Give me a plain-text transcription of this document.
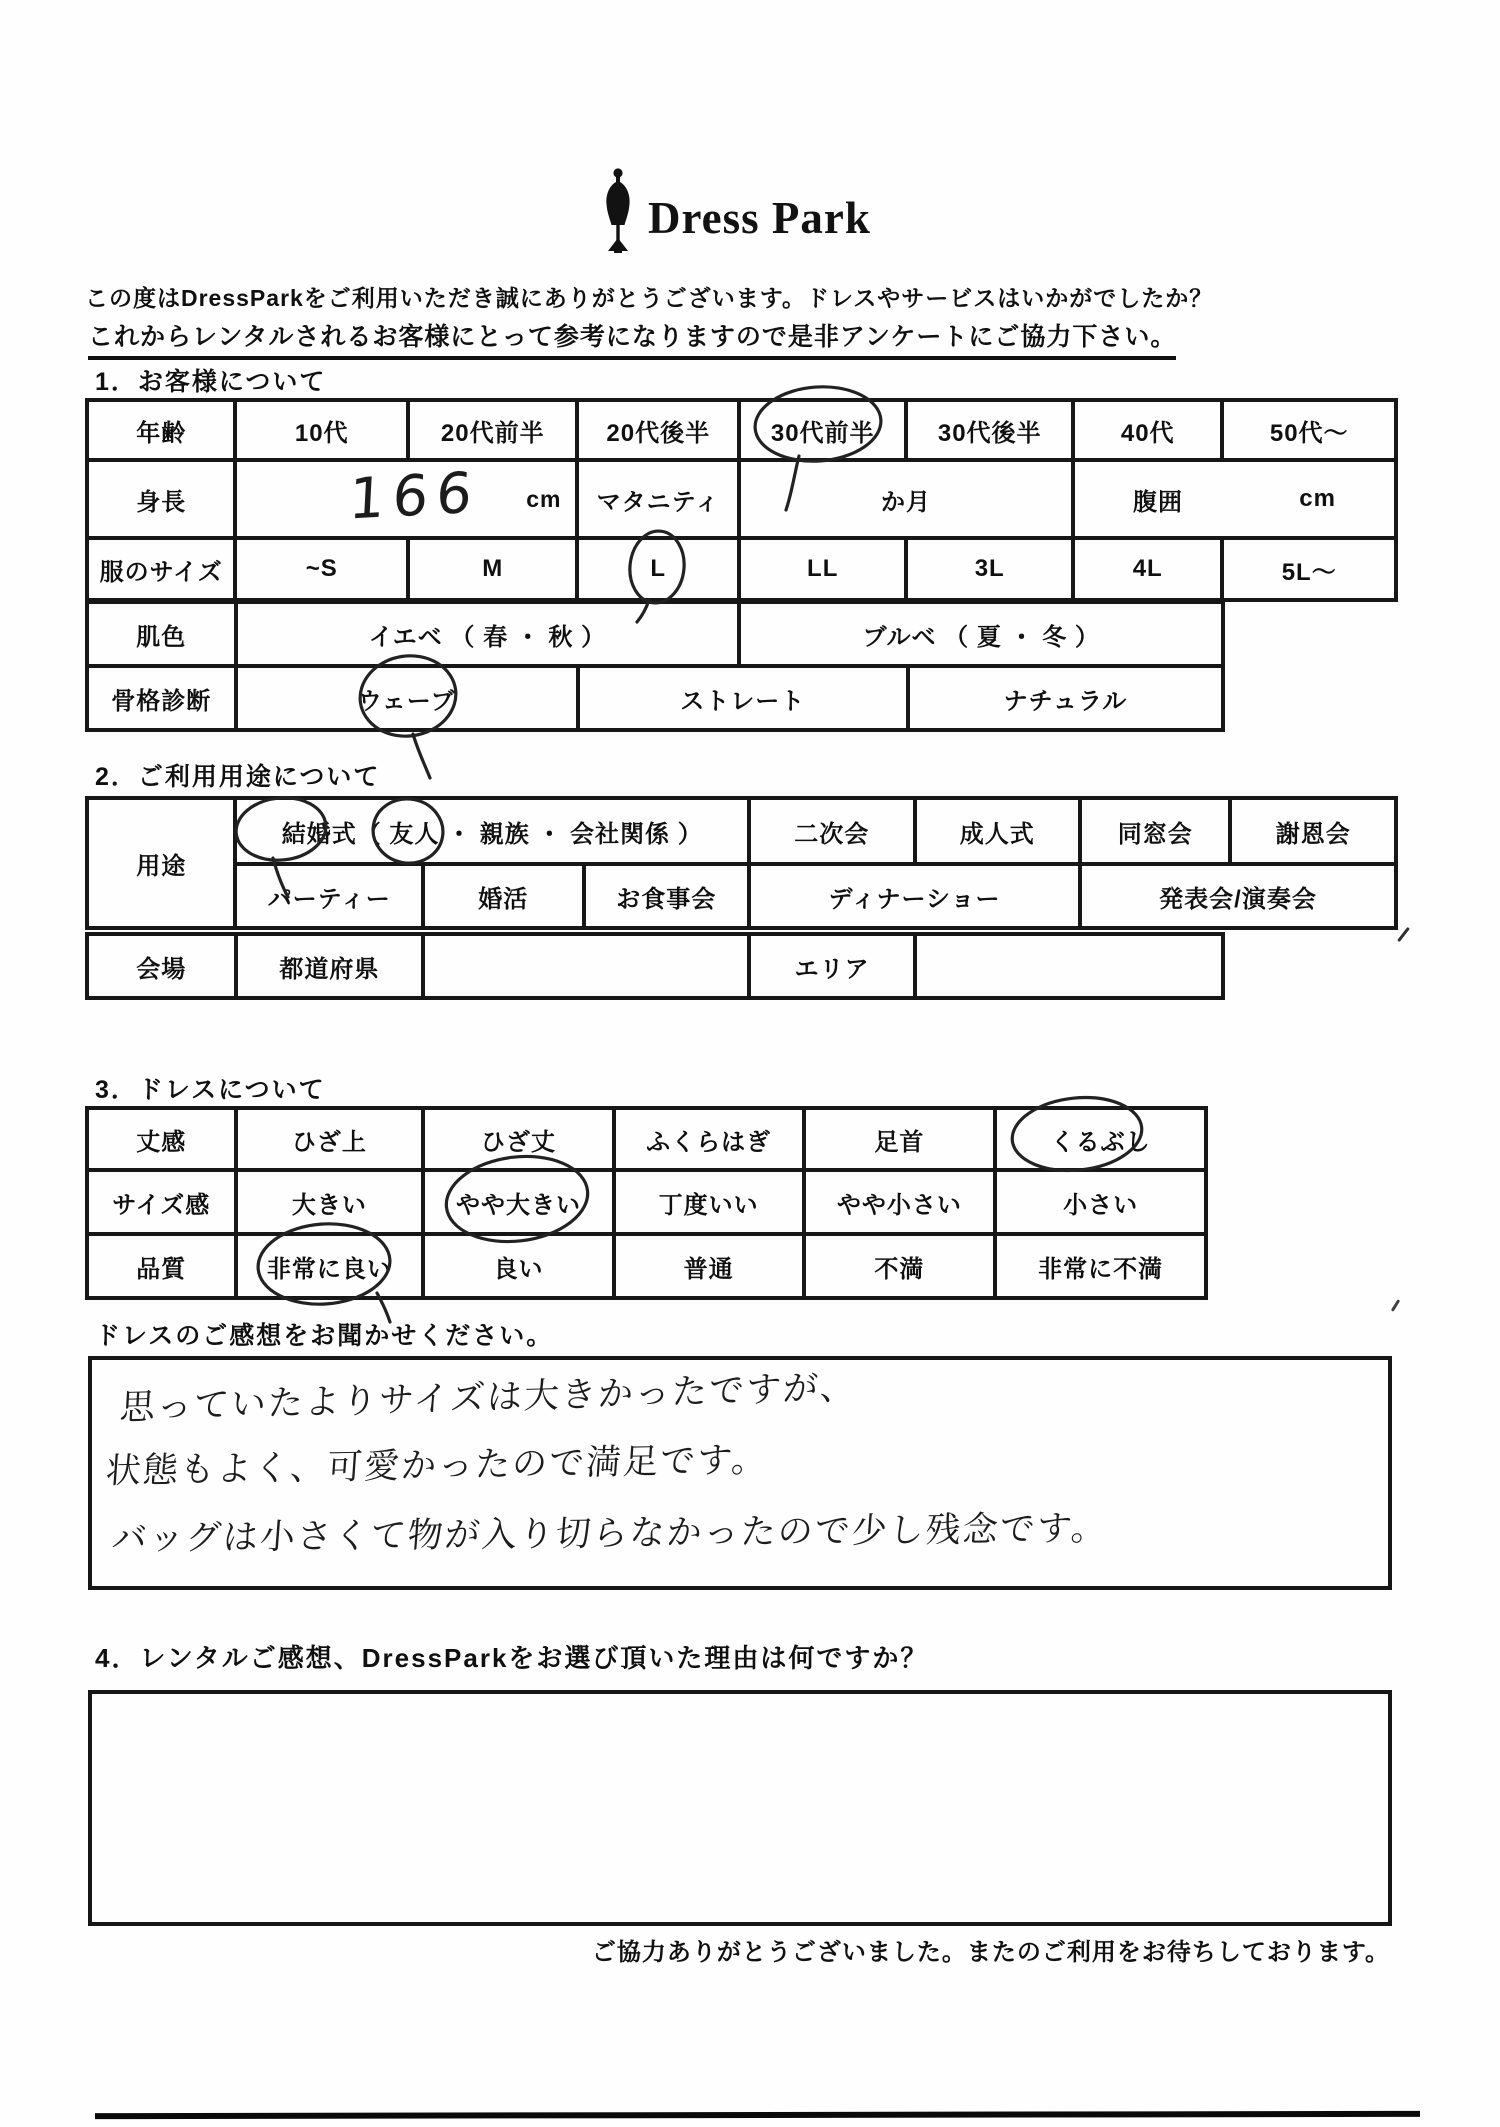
Dress Park
この度はDressParkをご利用いただき誠にありがとうございます。ドレスやサービスはいかがでしたか？
これからレンタルされるお客様にとって参考になりますので是非アンケートにご協力下さい。
1．お客様について
年齢	10代	20代前半	20代後半	30代前半	30代後半	40代	50代～
身長	166 cm		マタニティ	か月		腹囲 cm	

服のサイズ	~S	M	L	LL	3L	4L	5L～
肌色	イエベ （ 春 ・ 秋 ）		ブルベ （ 夏 ・ 冬 ）	
骨格診断	ウェーブ	ストレート		ナチュラル
2．ご利用用途について
用途	結婚式（ 友人 ・ 親族 ・ 会社関係 ）			二次会	成人式	同窓会	謝恩会
	パーティー	婚活	お食事会	ディナーショー		発表会/演奏会	
会場	都道府県		エリア	
3．ドレスについて
丈感	ひざ上	ひざ丈	ふくらはぎ	足首	くるぶし
サイズ感	大きい	やや大きい	丁度いい	やや小さい	小さい
品質	非常に良い	良い	普通	不満	非常に不満
ドレスのご感想をお聞かせください。
思っていたよりサイズは大きかったですが、
状態もよく、可愛かったので満足です。
バッグは小さくて物が入り切らなかったので少し残念です。
4．レンタルご感想、DressParkをお選び頂いた理由は何ですか？
ご協力ありがとうございました。またのご利用をお待ちしております。
